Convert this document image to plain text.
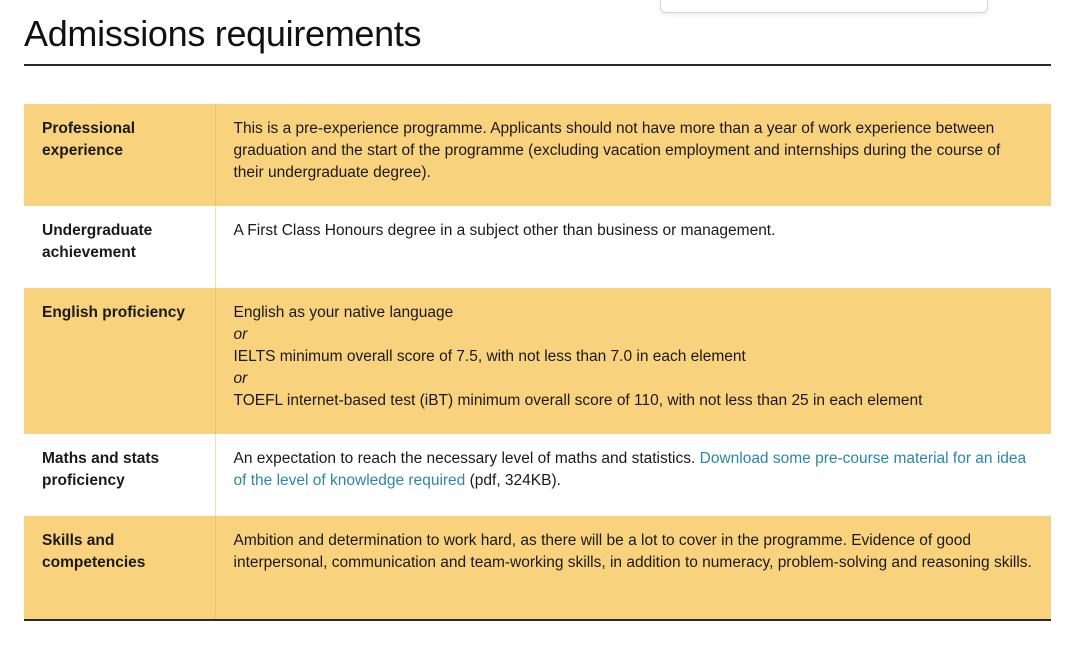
Admissions requirements
Professional experience	This is a pre-experience programme. Applicants should not have more than a year of work experience between graduation and the start of the programme (excluding vacation employment and internships during the course of their undergraduate degree).
Undergraduate achievement	A First Class Honours degree in a subject other than business or management.
English proficiency	English as your native language
or
IELTS minimum overall score of 7.5, with not less than 7.0 in each element
or
TOEFL internet-based test (iBT) minimum overall score of 110, with not less than 25 in each element

Maths and stats proficiency	An expectation to reach the necessary level of maths and statistics. Download some pre-course material for an idea of the level of knowledge required (pdf, 324KB).
Skills and competencies	Ambition and determination to work hard, as there will be a lot to cover in the programme. Evidence of good interpersonal, communication and team-working skills, in addition to numeracy, problem-solving and reasoning skills.
